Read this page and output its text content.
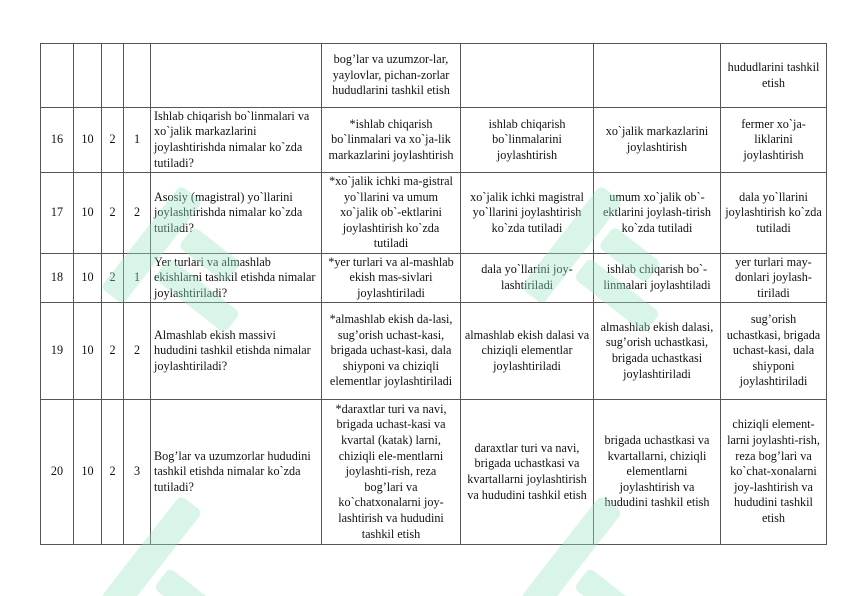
					bog’lar va uzumzor-lar, yaylovlar, pichan-zorlar hududlarini tashkil etish			hududlarini tashkil etish
16	10	2	1	Ishlab chiqarish bo`linmalari va xo`jalik markazlarini joylashtirishda nimalar ko`zda tutiladi?	*ishlab chiqarish bo`linmalari va xo`ja-lik markazlarini joylashtirish	ishlab chiqarish bo`linmalarini joylashtirish	xo`jalik markazlarini joylashtirish	fermer xo`ja-liklarini joylashtirish
17	10	2	2	Asosiy (magistral) yo`llarini joylashtirishda nimalar ko`zda tutiladi?	*xo`jalik ichki ma-gistral yo`llarini va umum xo`jalik ob`-ektlarini joylashtirish ko`zda tutiladi	xo`jalik ichki magistral yo`llarini joylashtirish ko`zda tutiladi	umum xo`jalik ob`-ektlarini joylash-tirish ko`zda tutiladi	dala yo`llarini joylashtirish ko`zda tutiladi
18	10	2	1	Yer turlari va almashlab ekishlarni tashkil etishda nimalar joylashtiriladi?	*yer turlari va al-mashlab ekish mas-sivlari joylashtiriladi	dala yo`llarini joy-lashtiriladi	ishlab chiqarish bo`-linmalari joylashtiladi	yer turlari may-donlari joylash-tiriladi
19	10	2	2	Almashlab ekish massivi hududini tashkil etishda nimalar joylashtiriladi?	*almashlab ekish da-lasi, sug’orish uchast-kasi, brigada uchast-kasi, dala shiyponi va chiziqli elementlar joylashtiriladi	almashlab ekish dalasi va chiziqli elementlar joylashtiriladi	almashlab ekish dalasi, sug’orish uchastkasi, brigada uchastkasi joylashtiriladi	sug’orish uchastkasi, brigada uchast-kasi, dala shiyponi joylashtiriladi
20	10	2	3	Bog’lar va uzumzorlar hududini tashkil etishda nimalar ko`zda tutiladi?	*daraxtlar turi va navi, brigada uchast-kasi va kvartal (katak) larni, chiziqli ele-mentlarni joylashti-rish, reza bog’lari va ko`chatxonalarni joy-lashtirish va hududini tashkil etish	daraxtlar turi va navi, brigada uchastkasi va kvartallarni joylashtirish va hududini tashkil etish	brigada uchastkasi va kvartallarni, chiziqli elementlarni joylashtirish va hududini tashkil etish	chiziqli element-larni joylashti-rish, reza bog’lari va ko`chat-xonalarni joy-lashtirish va hududini tashkil etish
